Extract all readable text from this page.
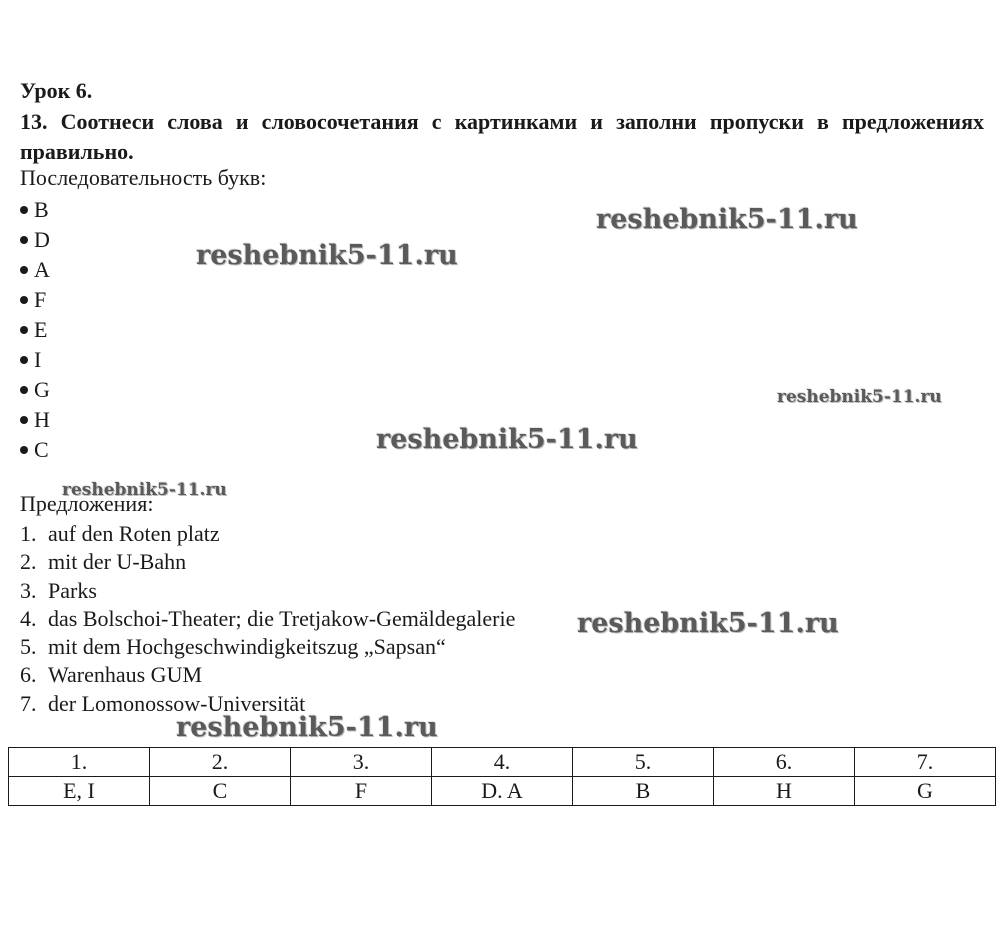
Урок 6.
13. Соотнеси слова и словосочетания с картинками и заполни пропуски в предложениях правильно.
Последовательность букв:
B
D
A
F
E
I
G
H
C
Предложения:
1. auf den Roten platz
2. mit der U-Bahn
3. Parks
4. das Bolschoi-Theater; die Tretjakow-Gemäldegalerie
5. mit dem Hochgeschwindigkeitszug „Sapsan“
6. Warenhaus GUM
7. der Lomonossow-Universität
1.	2.	3.	4.	5.	6.	7.
E, I	C	F	D. A	B	H	G
reshebnik5-11.ru
reshebnik5-11.ru
reshebnik5-11.ru
reshebnik5-11.ru
reshebnik5-11.ru
reshebnik5-11.ru
reshebnik5-11.ru
